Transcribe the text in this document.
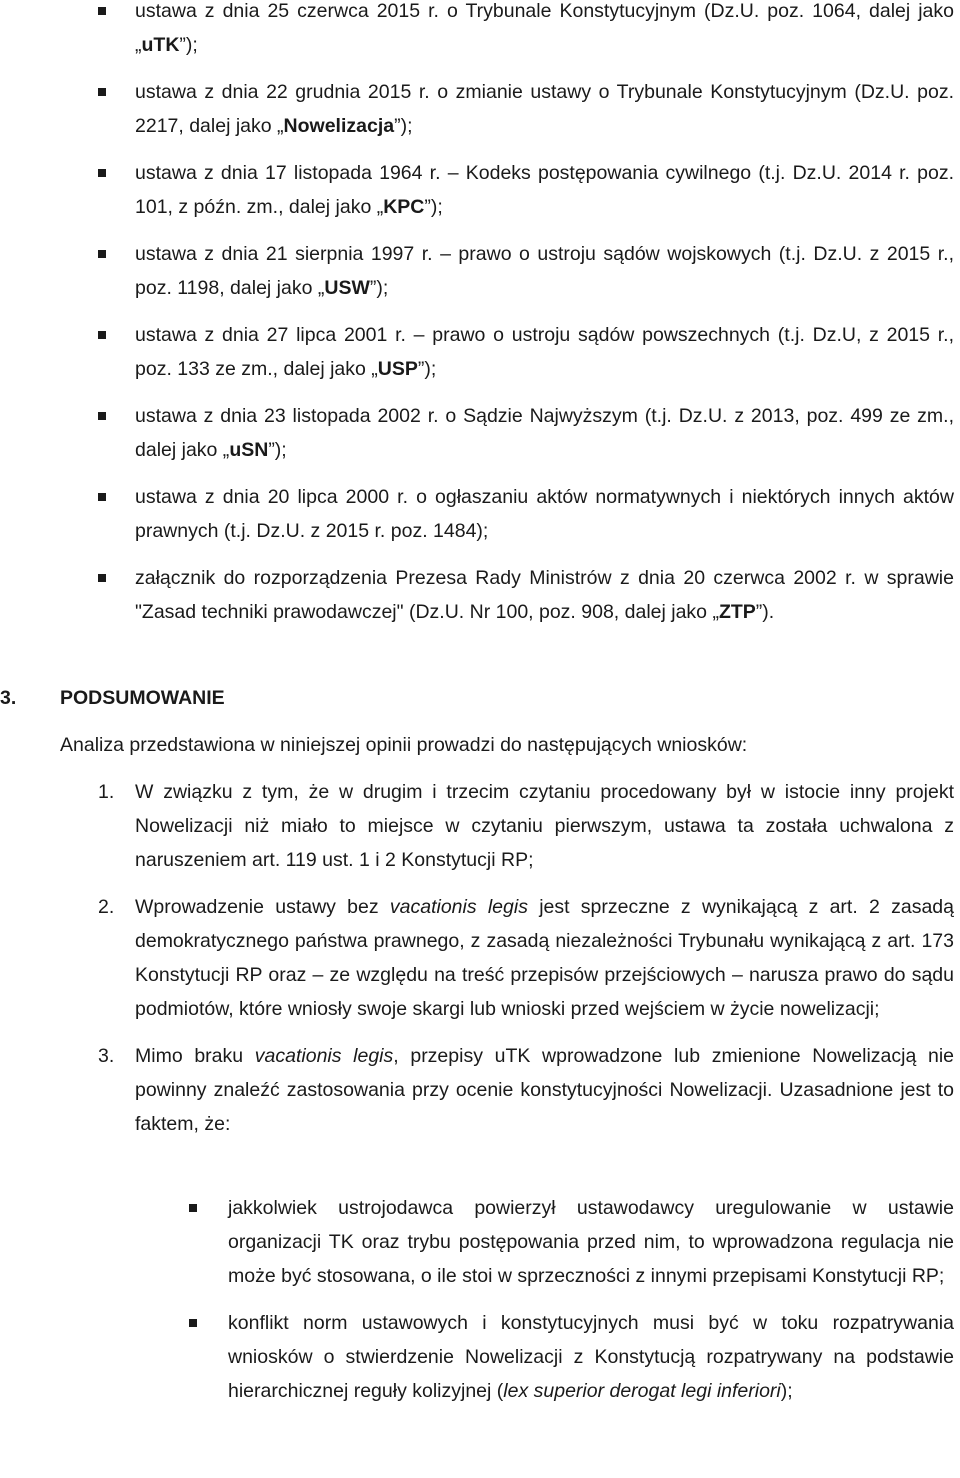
ustawa z dnia 25 czerwca 2015 r. o Trybunale Konstytucyjnym (Dz.U. poz. 1064, dalej jako „uTK”);
ustawa z dnia 22 grudnia 2015 r. o zmianie ustawy o Trybunale Konstytucyjnym (Dz.U. poz. 2217, dalej jako „Nowelizacja”);
ustawa z dnia 17 listopada 1964 r. – Kodeks postępowania cywilnego (t.j. Dz.U. 2014 r. poz. 101, z późn. zm., dalej jako „KPC”);
ustawa z dnia 21 sierpnia 1997 r. – prawo o ustroju sądów wojskowych (t.j. Dz.U. z 2015 r., poz. 1198, dalej jako „USW”);
ustawa z dnia 27 lipca 2001 r. – prawo o ustroju sądów powszechnych (t.j. Dz.U, z 2015 r., poz. 133 ze zm., dalej jako „USP”);
ustawa z dnia 23 listopada 2002 r. o Sądzie Najwyższym (t.j. Dz.U. z 2013, poz. 499 ze zm., dalej jako „uSN”);
ustawa z dnia 20 lipca 2000 r. o ogłaszaniu aktów normatywnych i niektórych innych aktów prawnych (t.j. Dz.U. z 2015 r. poz. 1484);
załącznik do rozporządzenia Prezesa Rady Ministrów z dnia 20 czerwca 2002 r. w sprawie "Zasad techniki prawodawczej" (Dz.U. Nr 100, poz. 908, dalej jako „ZTP”).
3. PODSUMOWANIE

Analiza przedstawiona w niniejszej opinii prowadzi do następujących wniosków:

1. W związku z tym, że w drugim i trzecim czytaniu procedowany był w istocie inny projekt Nowelizacji niż miało to miejsce w czytaniu pierwszym, ustawa ta została uchwalona z naruszeniem art. 119 ust. 1 i 2 Konstytucji RP;
2. Wprowadzenie ustawy bez vacationis legis jest sprzeczne z wynikającą z art. 2 zasadą demokratycznego państwa prawnego, z zasadą niezależności Trybunału wynikającą z art. 173 Konstytucji RP oraz – ze względu na treść przepisów przejściowych – narusza prawo do sądu podmiotów, które wniosły swoje skargi lub wnioski przed wejściem w życie nowelizacji;
3. Mimo braku vacationis legis, przepisy uTK wprowadzone lub zmienione Nowelizacją nie powinny znaleźć zastosowania przy ocenie konstytucyjności Nowelizacji. Uzasadnione jest to faktem, że:
jakkolwiek ustrojodawca powierzył ustawodawcy uregulowanie w ustawie organizacji TK oraz trybu postępowania przed nim, to wprowadzona regulacja nie może być stosowana, o ile stoi w sprzeczności z innymi przepisami Konstytucji RP;
konflikt norm ustawowych i konstytucyjnych musi być w toku rozpatrywania wniosków o stwierdzenie Nowelizacji z Konstytucją rozpatrywany na podstawie hierarchicznej reguły kolizyjnej (lex superior derogat legi inferiori);
